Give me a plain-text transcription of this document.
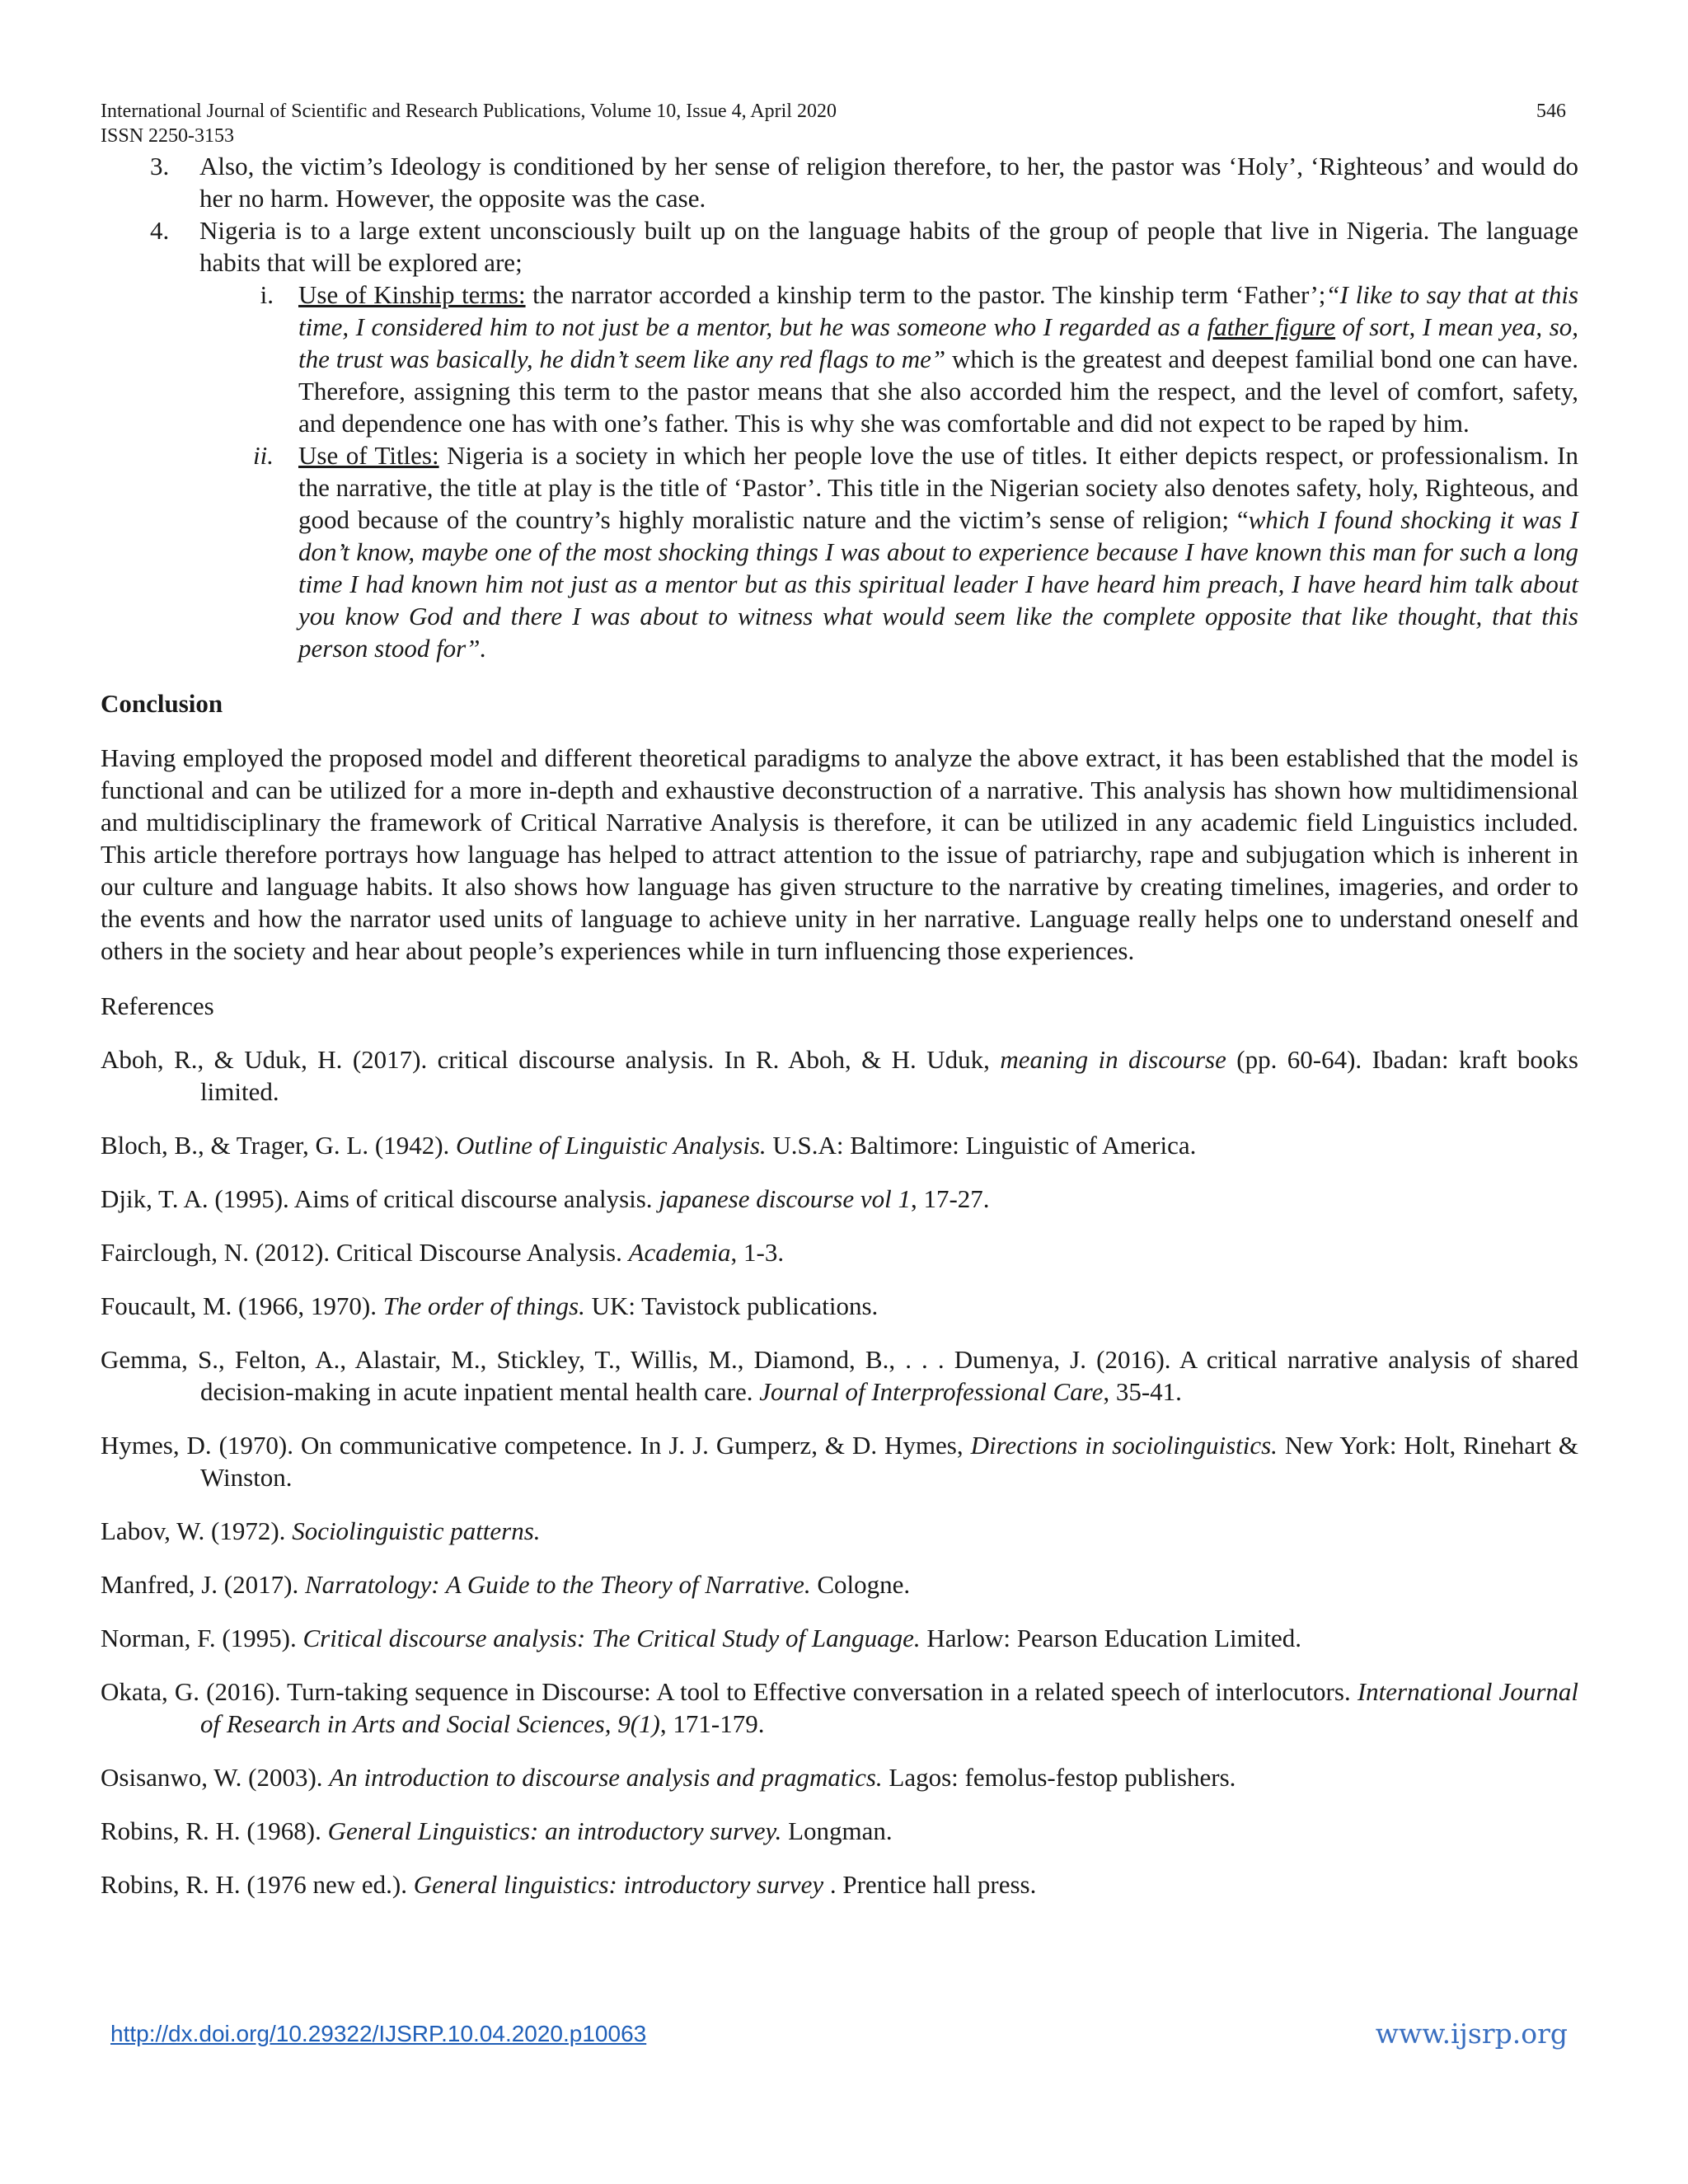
International Journal of Scientific and Research Publications, Volume 10, Issue 4, April 2020
ISSN 2250-3153
546
3. Also, the victim’s Ideology is conditioned by her sense of religion therefore, to her, the pastor was ‘Holy’, ‘Righteous’ and would do her no harm. However, the opposite was the case.
4. Nigeria is to a large extent unconsciously built up on the language habits of the group of people that live in Nigeria. The language habits that will be explored are;
i. Use of Kinship terms: the narrator accorded a kinship term to the pastor. The kinship term ‘Father’;“I like to say that at this time, I considered him to not just be a mentor, but he was someone who I regarded as a father figure of sort, I mean yea, so, the trust was basically, he didn’t seem like any red flags to me” which is the greatest and deepest familial bond one can have. Therefore, assigning this term to the pastor means that she also accorded him the respect, and the level of comfort, safety, and dependence one has with one’s father. This is why she was comfortable and did not expect to be raped by him.
ii. Use of Titles: Nigeria is a society in which her people love the use of titles. It either depicts respect, or professionalism. In the narrative, the title at play is the title of ‘Pastor’. This title in the Nigerian society also denotes safety, holy, Righteous, and good because of the country’s highly moralistic nature and the victim’s sense of religion; “which I found shocking it was I don’t know, maybe one of the most shocking things I was about to experience because I have known this man for such a long time I had known him not just as a mentor but as this spiritual leader I have heard him preach, I have heard him talk about you know God and there I was about to witness what would seem like the complete opposite that like thought, that this person stood for”.

Conclusion

Having employed the proposed model and different theoretical paradigms to analyze the above extract, it has been established that the model is functional and can be utilized for a more in-depth and exhaustive deconstruction of a narrative. This analysis has shown how multidimensional and multidisciplinary the framework of Critical Narrative Analysis is therefore, it can be utilized in any academic field Linguistics included. This article therefore portrays how language has helped to attract attention to the issue of patriarchy, rape and subjugation which is inherent in our culture and language habits. It also shows how language has given structure to the narrative by creating timelines, imageries, and order to the events and how the narrator used units of language to achieve unity in her narrative. Language really helps one to understand oneself and others in the society and hear about people’s experiences while in turn influencing those experiences.

References

Aboh, R., & Uduk, H. (2017). critical discourse analysis. In R. Aboh, & H. Uduk, meaning in discourse (pp. 60-64). Ibadan: kraft books limited.

Bloch, B., & Trager, G. L. (1942). Outline of Linguistic Analysis. U.S.A: Baltimore: Linguistic of America.

Djik, T. A. (1995). Aims of critical discourse analysis. japanese discourse vol 1, 17-27.

Fairclough, N. (2012). Critical Discourse Analysis. Academia, 1-3.

Foucault, M. (1966, 1970). The order of things. UK: Tavistock publications.

Gemma, S., Felton, A., Alastair, M., Stickley, T., Willis, M., Diamond, B., . . . Dumenya, J. (2016). A critical narrative analysis of shared decision-making in acute inpatient mental health care. Journal of Interprofessional Care, 35-41.

Hymes, D. (1970). On communicative competence. In J. J. Gumperz, & D. Hymes, Directions in sociolinguistics. New York: Holt, Rinehart & Winston.

Labov, W. (1972). Sociolinguistic patterns.

Manfred, J. (2017). Narratology: A Guide to the Theory of Narrative. Cologne.

Norman, F. (1995). Critical discourse analysis: The Critical Study of Language. Harlow: Pearson Education Limited.

Okata, G. (2016). Turn-taking sequence in Discourse: A tool to Effective conversation in a related speech of interlocutors. International Journal of Research in Arts and Social Sciences, 9(1), 171-179.

Osisanwo, W. (2003). An introduction to discourse analysis and pragmatics. Lagos: femolus-festop publishers.

Robins, R. H. (1968). General Linguistics: an introductory survey. Longman.

Robins, R. H. (1976 new ed.). General linguistics: introductory survey . Prentice hall press.

http://dx.doi.org/10.29322/IJSRP.10.04.2020.p10063	www.ijsrp.org
